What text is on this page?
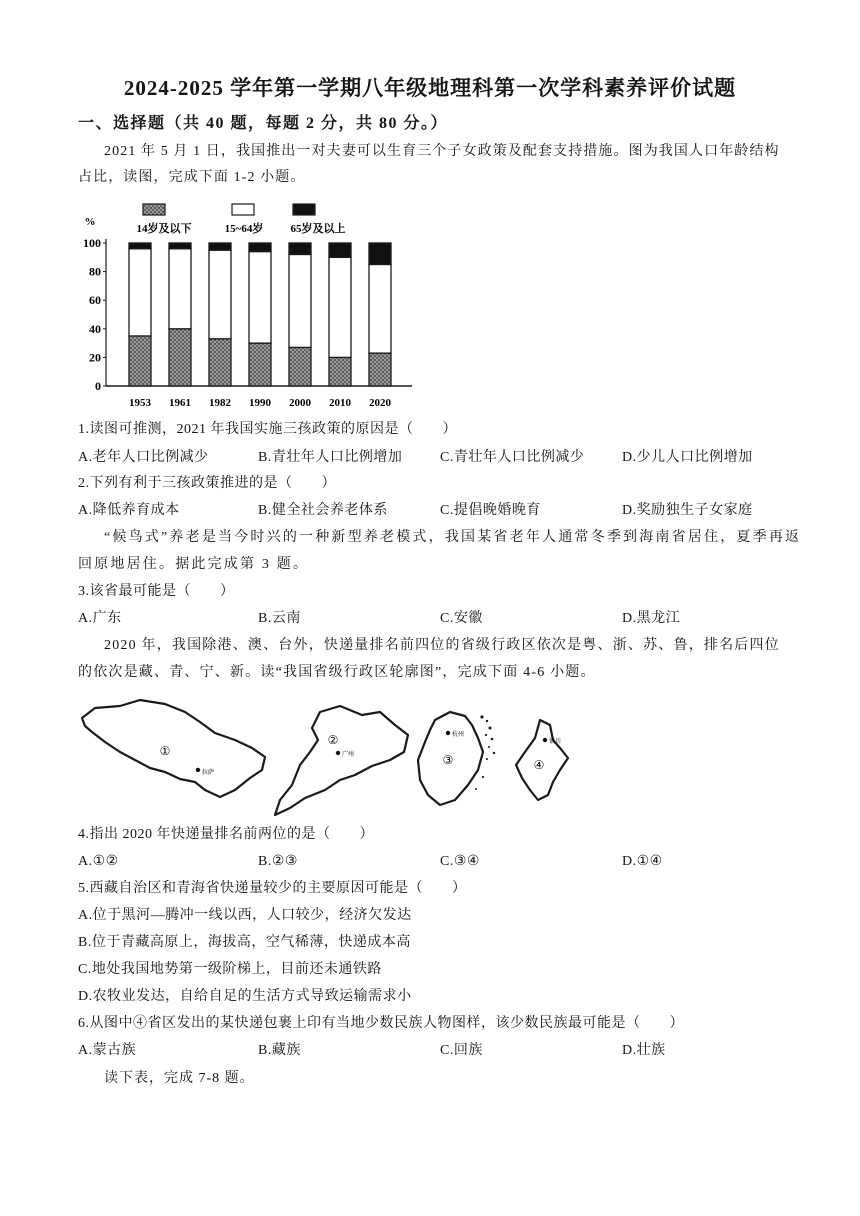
2024-2025 学年第一学期八年级地理科第一次学科素养评价试题
一、选择题（共 40 题，每题 2 分，共 80 分。）
2021 年 5 月 1 日，我国推出一对夫妻可以生育三个子女政策及配套支持措施。图为我国人口年龄结构
占比，读图，完成下面 1-2 小题。
%
0
20
40
60
80
100
1953 1961 1982 1990 2000 2010 2020
14岁及以下	15~64岁 65岁及以上
1.读图可推测，2021 年我国实施三孩政策的原因是（　　）
A.老年人口比例减少	B.青壮年人口比例增加	C.青壮年人口比例减少	D.少儿人口比例增加
2.下列有利于三孩政策推进的是（　　）
A.降低养育成本	B.健全社会养老体系	C.提倡晚婚晚育	D.奖励独生子女家庭
“候鸟式”养老是当今时兴的一种新型养老模式，我国某省老年人通常冬季到海南省居住，夏季再返
回原地居住。据此完成第 3 题。
3.该省最可能是（　　）
A.广东	B.云南	C.安徽	D.黑龙江
2020 年，我国除港、澳、台外，快递量排名前四位的省级行政区依次是粤、浙、苏、鲁，排名后四位
的依次是藏、青、宁、新。读“我国省级行政区轮廓图”，完成下面 4-6 小题。
①
拉萨
②
广州	③
杭州
④
银川
4.指出 2020 年快递量排名前两位的是（　　）
A.①②	B.②③	C.③④	D.①④
5.西藏自治区和青海省快递量较少的主要原因可能是（　　）
A.位于黑河—腾冲一线以西，人口较少，经济欠发达
B.位于青藏高原上，海拔高，空气稀薄，快递成本高
C.地处我国地势第一级阶梯上，目前还未通铁路
D.农牧业发达，自给自足的生活方式导致运输需求小
6.从图中④省区发出的某快递包裹上印有当地少数民族人物图样，该少数民族最可能是（　　）
A.蒙古族	B.藏族	C.回族	D.壮族
读下表，完成 7-8 题。
